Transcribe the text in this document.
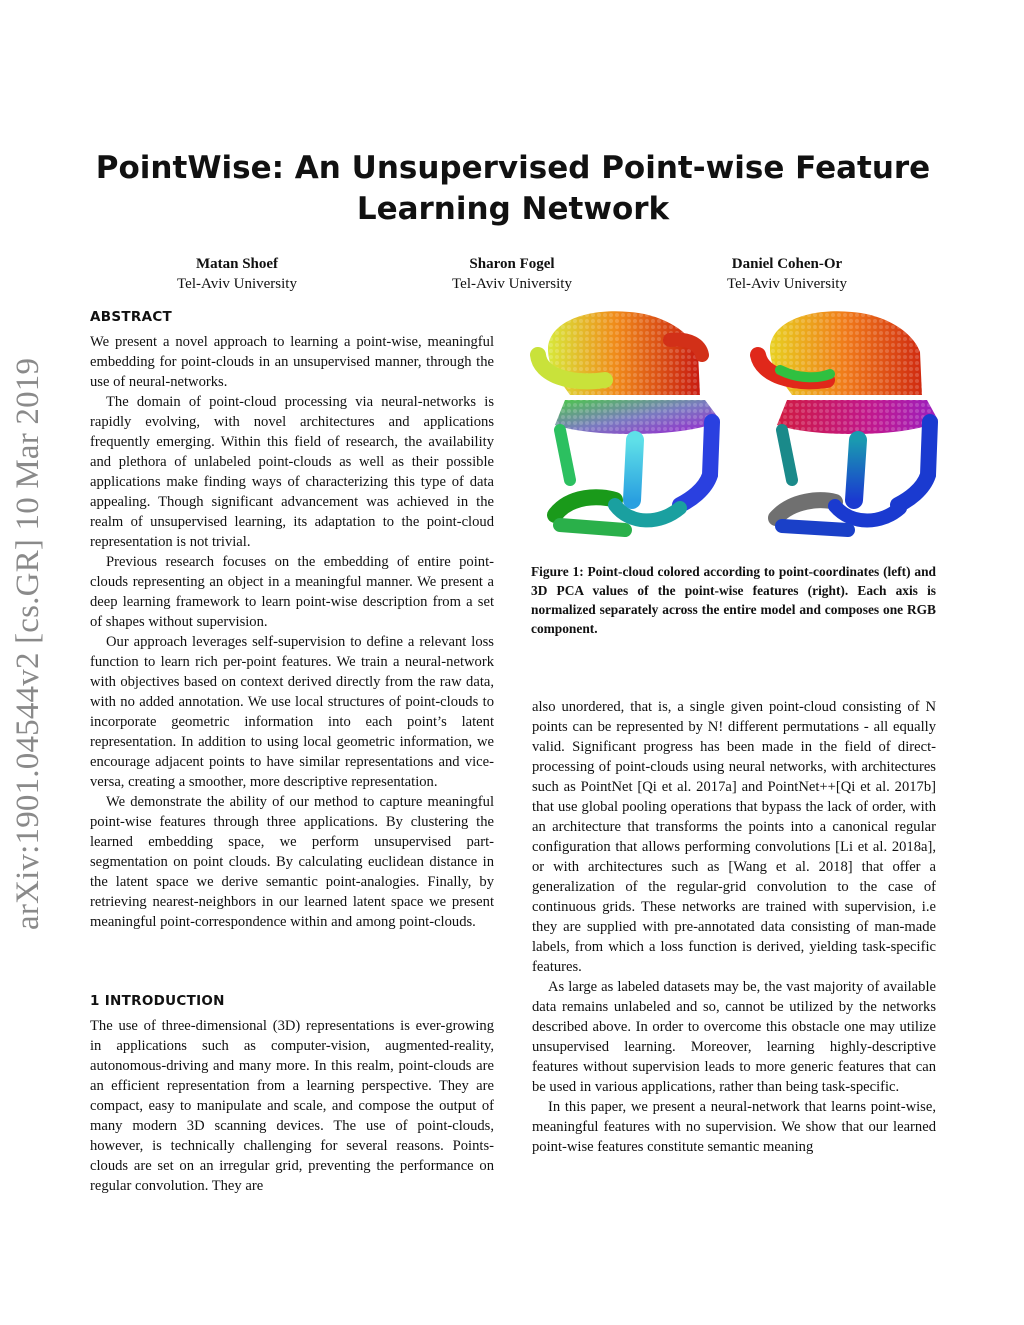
arXiv:1901.04544v2 [cs.GR] 10 Mar 2019
PointWise: An Unsupervised Point-wise Feature Learning Network
Matan Shoef
Tel-Aviv University
Sharon Fogel
Tel-Aviv University
Daniel Cohen-Or
Tel-Aviv University
ABSTRACT

We present a novel approach to learning a point-wise, meaningful embedding for point-clouds in an unsupervised manner, through the use of neural-networks.

The domain of point-cloud processing via neural-networks is rapidly evolving, with novel architectures and applications frequently emerging. Within this field of research, the availability and plethora of unlabeled point-clouds as well as their possible applications make finding ways of characterizing this type of data appealing. Though significant advancement was achieved in the realm of unsupervised learning, its adaptation to the point-cloud representation is not trivial.

Previous research focuses on the embedding of entire point-clouds representing an object in a meaningful manner. We present a deep learning framework to learn point-wise description from a set of shapes without supervision.

Our approach leverages self-supervision to define a relevant loss function to learn rich per-point features. We train a neural-network with objectives based on context derived directly from the raw data, with no added annotation. We use local structures of point-clouds to incorporate geometric information into each point’s latent representation. In addition to using local geometric information, we encourage adjacent points to have similar representations and vice-versa, creating a smoother, more descriptive representation.

We demonstrate the ability of our method to capture meaningful point-wise features through three applications. By clustering the learned embedding space, we perform unsupervised part-segmentation on point clouds. By calculating euclidean distance in the latent space we derive semantic point-analogies. Finally, by retrieving nearest-neighbors in our learned latent space we present meaningful point-correspondence within and among point-clouds.

1 INTRODUCTION

The use of three-dimensional (3D) representations is ever-growing in applications such as computer-vision, augmented-reality, autonomous-driving and many more. In this realm, point-clouds are an efficient representation from a learning perspective. They are compact, easy to manipulate and scale, and compose the output of many modern 3D scanning devices. The use of point-clouds, however, is technically challenging for several reasons. Points-clouds are set on an irregular grid, preventing the performance on regular convolution. They are

Figure 1: Point-cloud colored according to point-coordinates (left) and 3D PCA values of the point-wise features (right). Each axis is normalized separately across the entire model and composes one RGB component.

also unordered, that is, a single given point-cloud consisting of N points can be represented by N! different permutations - all equally valid. Significant progress has been made in the field of direct-processing of point-clouds using neural networks, with architectures such as PointNet [Qi et al. 2017a] and PointNet++[Qi et al. 2017b] that use global pooling operations that bypass the lack of order, with an architecture that transforms the points into a canonical regular configuration that allows performing convolutions [Li et al. 2018a], or with architectures such as [Wang et al. 2018] that offer a generalization of the regular-grid convolution to the case of continuous grids. These networks are trained with supervision, i.e they are supplied with pre-annotated data consisting of man-made labels, from which a loss function is derived, yielding task-specific features.

As large as labeled datasets may be, the vast majority of available data remains unlabeled and so, cannot be utilized by the networks described above. In order to overcome this obstacle one may utilize unsupervised learning. Moreover, learning highly-descriptive features without supervision leads to more generic features that can be used in various applications, rather than being task-specific.

In this paper, we present a neural-network that learns point-wise, meaningful features with no supervision. We show that our learned point-wise features constitute semantic meaning
